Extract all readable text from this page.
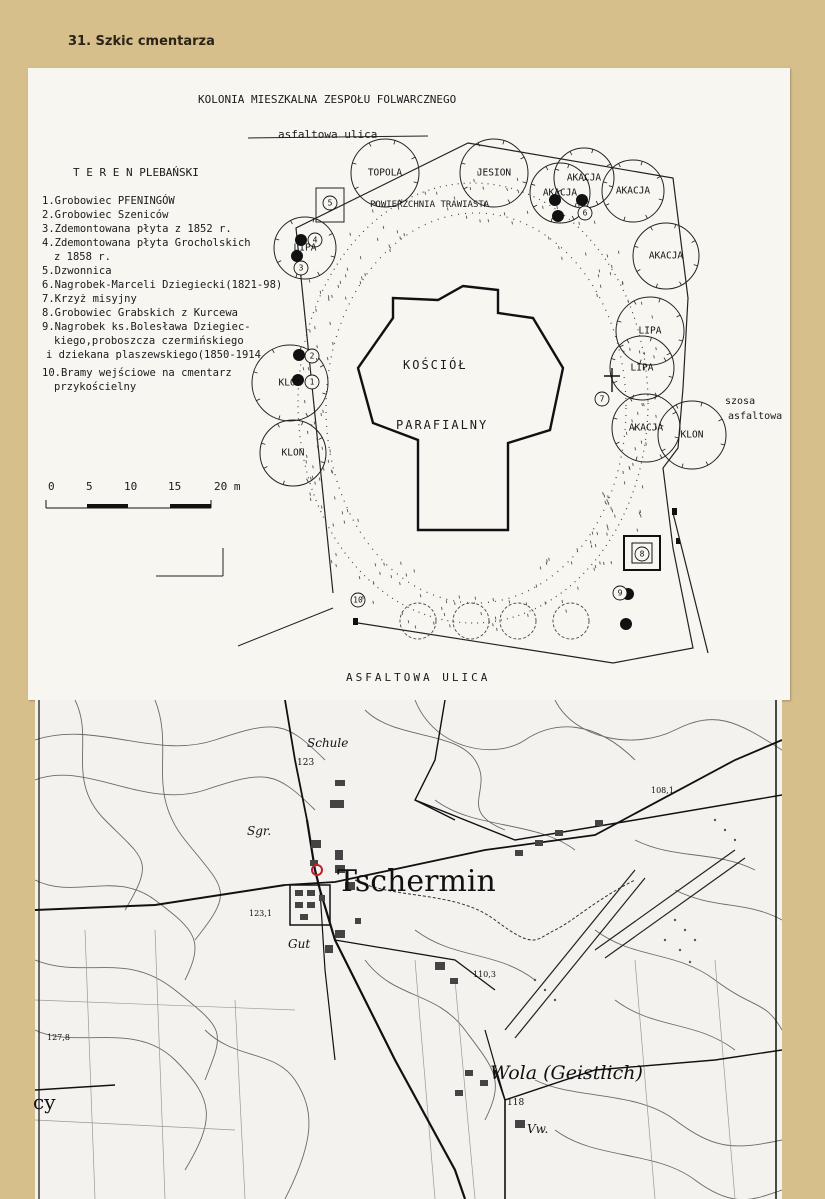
31. Szkic cmentarza
KOLONIA MIESZKALNA ZESPOŁU FOLWARCZNEGO
asfaltowa ulica
T E R E N PLEBAŃSKI
POWIERZCHNIA TRAWIASTA
KOŚCIÓŁ
PARAFIALNY
szosa
asfaltowa
ASFALTOWA ULICA
0	5	10	15	20 m
1.Grobowiec PFENINGÓW
2.Grobowiec Szeniców
3.Zdemontowana płyta z 1852 r.
4.Zdemontowana płyta Grocholskich
z 1858 r.
5.Dzwonnica
6.Nagrobek-Marceli Dziegiecki(1821-98)
7.Krzyż misyjny
8.Grobowiec Grabskich z Kurcewa
9.Nagrobek ks.Bolesława Dziegiec-
kiego,proboszcza czermińskiego
i dziekana plaszewskiego(1850-1914
10.Bramy wejściowe na cmentarz
przykościelny
TOPOLA	JESION
AKACJA
AKACJA
AKACJA
AKACJA
LIPA
LIPA
AKACJA
KLON
LIPA
KLON
KLON
1
2
3
4
5
6
7
8
9
10
Tschermin
Wola (Geistlich)
Schule
Gut
Sgr.
Vw.
cy
123
123,1
108,1
110,3
118
127,8
